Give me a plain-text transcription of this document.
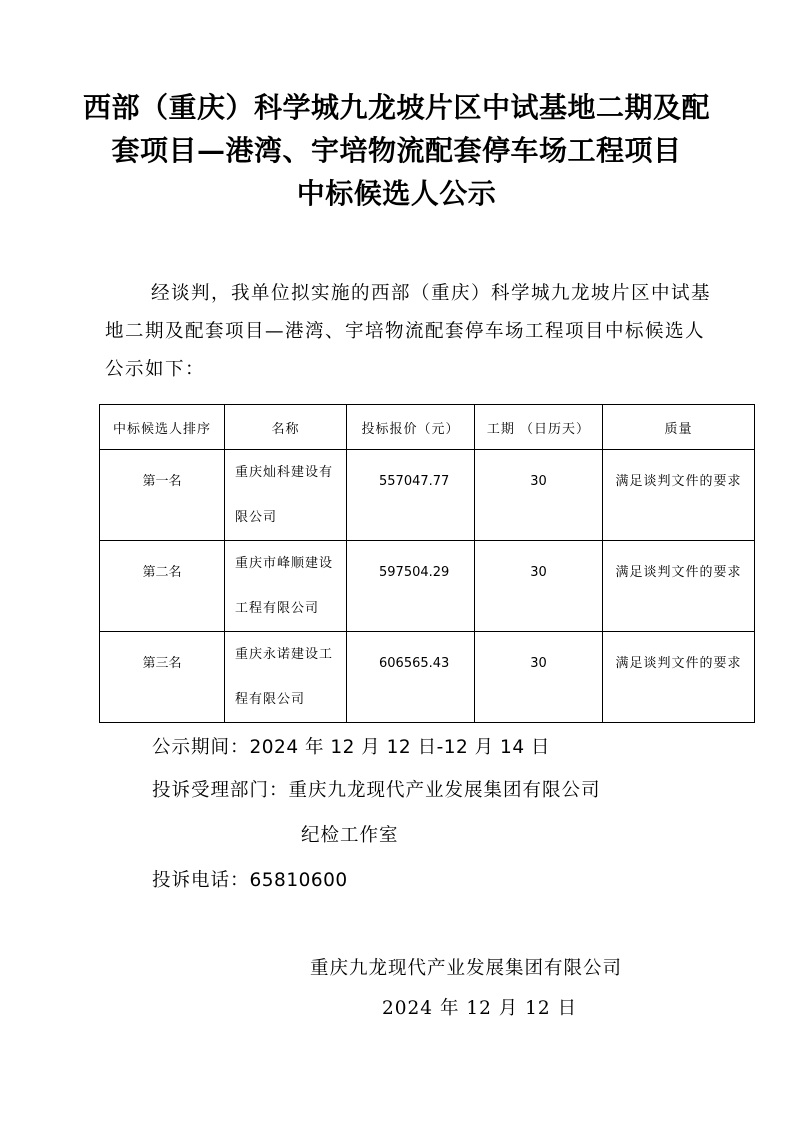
西部（重庆）科学城九龙坡片区中试基地二期及配
套项目—港湾、宇培物流配套停车场工程项目
中标候选人公示
经谈判，我单位拟实施的西部（重庆）科学城九龙坡片区中试基地二期及配套项目—港湾、宇培物流配套停车场工程项目中标候选人公示如下：
中标候选人排序	名称	投标报价（元）	工期 （日历天）	质量
第一名	重庆灿科建设有限公司	557047.77	30	满足谈判文件的要求
第二名	重庆市峰顺建设工程有限公司	597504.29	30	满足谈判文件的要求
第三名	重庆永诺建设工程有限公司	606565.43	30	满足谈判文件的要求
公示期间：2024 年 12 月 12 日-12 月 14 日
投诉受理部门：重庆九龙现代产业发展集团有限公司
纪检工作室
投诉电话：65810600
重庆九龙现代产业发展集团有限公司
2024 年 12 月 12 日
